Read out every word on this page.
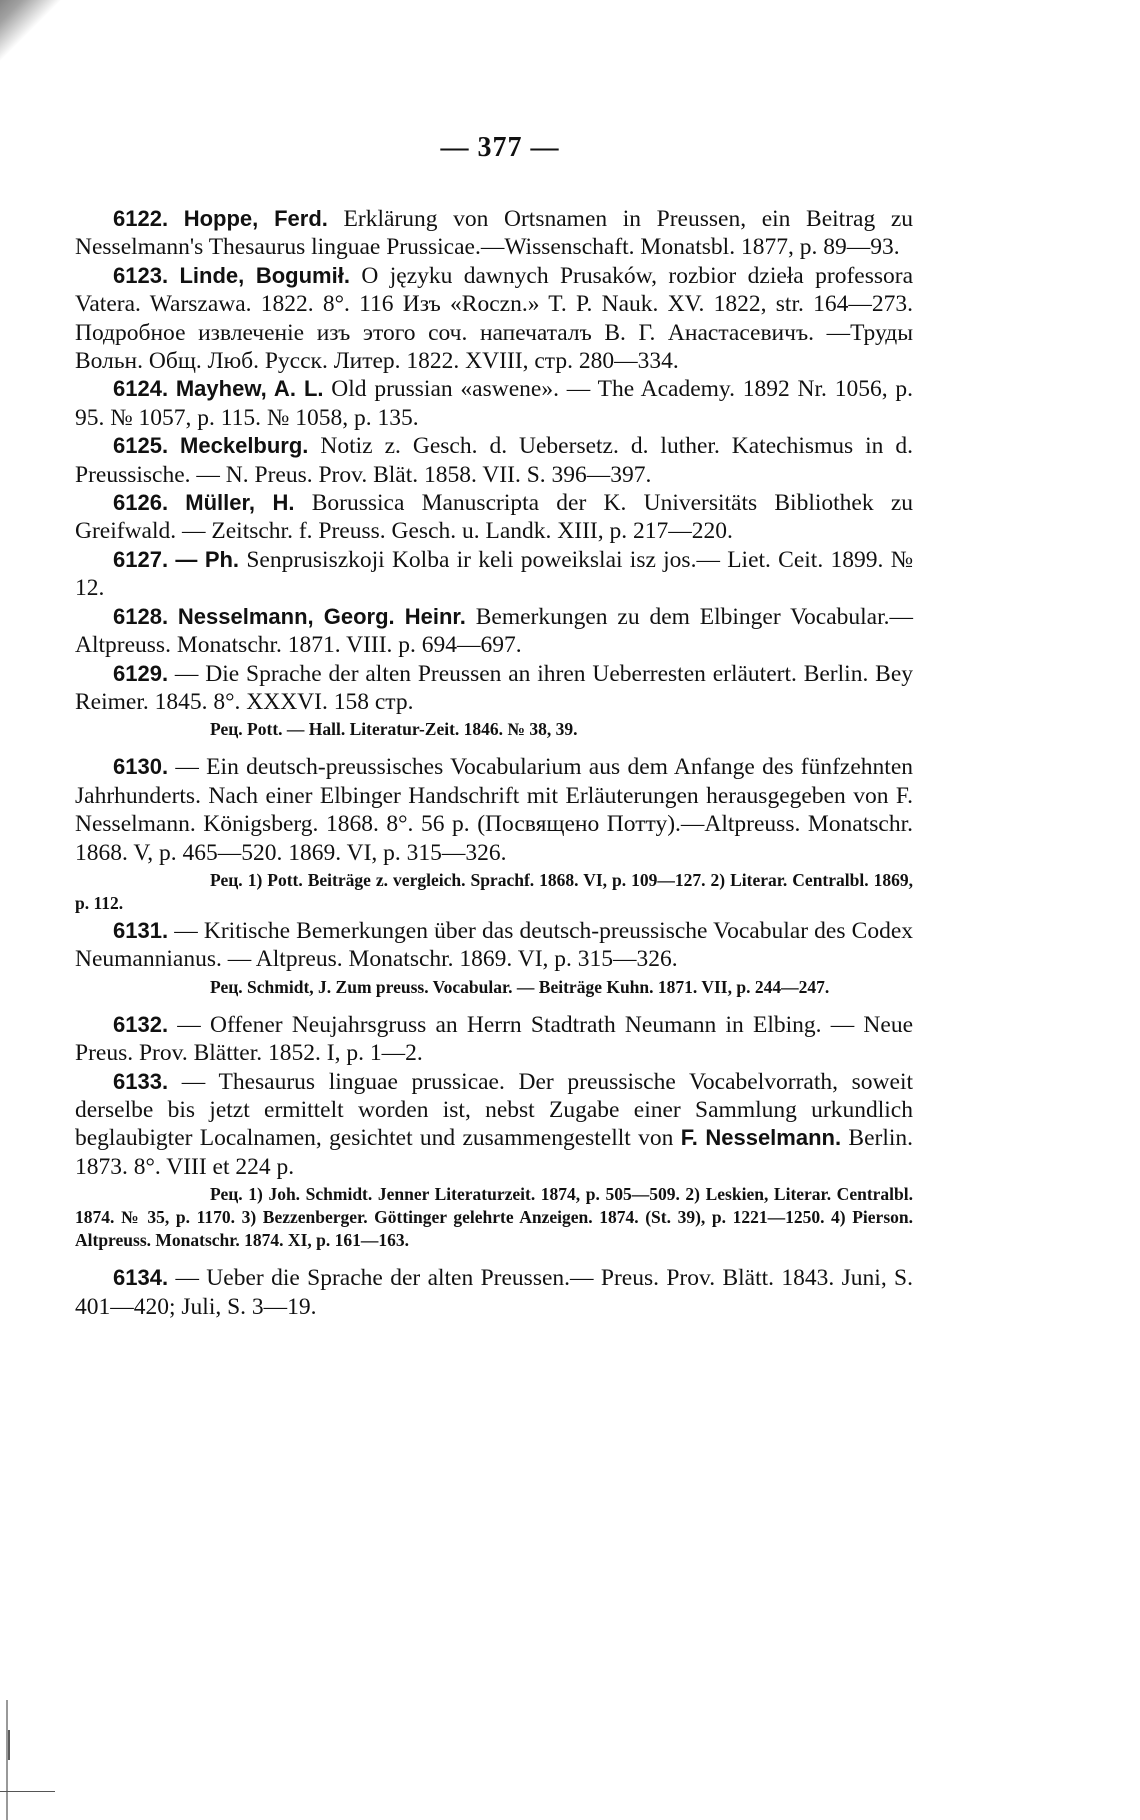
— 377 —

6122. Hoppe, Ferd. Erklärung von Ortsnamen in Preussen, ein Beitrag zu Nesselmann's Thesaurus linguae Prussicae.—Wissenschaft. Monatsbl. 1877, p. 89—93.

6123. Linde, Bogumił. O języku dawnych Prusaków, rozbior dzieła professora Vatera. Warszawa. 1822. 8°. 116 Изъ «Roczn.» T. P. Nauk. XV. 1822, str. 164—273. Подробное извлеченіе изъ этого соч. напечаталъ В. Г. Анастасевичъ. —Труды Вольн. Общ. Люб. Русск. Литер. 1822. XVIII, стр. 280—334.

6124. Mayhew, A. L. Old prussian «aswene». — The Academy. 1892 Nr. 1056, p. 95. № 1057, p. 115. № 1058, p. 135.

6125. Meckelburg. Notiz z. Gesch. d. Uebersetz. d. luther. Katechismus in d. Preussische. — N. Preus. Prov. Blät. 1858. VII. S. 396—397.

6126. Müller, H. Borussica Manuscripta der K. Universitäts Bibliothek zu Greifwald. — Zeitschr. f. Preuss. Gesch. u. Landk. XIII, p. 217—220.

6127. — Ph. Senprusiszkoji Kolba ir keli poweikslai isz jos.— Liet. Ceit. 1899. № 12.

6128. Nesselmann, Georg. Heinr. Bemerkungen zu dem Elbinger Vocabular.—Altpreuss. Monatschr. 1871. VIII. p. 694—697.

6129. — Die Sprache der alten Preussen an ihren Ueberresten erläutert. Berlin. Bey Reimer. 1845. 8°. XXXVI. 158 стр.

Рец. Pott. — Hall. Literatur-Zeit. 1846. № 38, 39.

6130. — Ein deutsch-preussisches Vocabularium aus dem Anfange des fünfzehnten Jahrhunderts. Nach einer Elbinger Handschrift mit Erläuterungen herausgegeben von F. Nesselmann. Königsberg. 1868. 8°. 56 p. (Посвящено Потту).—Altpreuss. Monatschr. 1868. V, p. 465—520. 1869. VI, p. 315—326.

Рец. 1) Pott. Beiträge z. vergleich. Sprachf. 1868. VI, p. 109—127. 2) Literar. Centralbl. 1869, p. 112.

6131. — Kritische Bemerkungen über das deutsch-preussische Vocabular des Codex Neumannianus. — Altpreus. Monatschr. 1869. VI, p. 315—326.

Рец. Schmidt, J. Zum preuss. Vocabular. — Beiträge Kuhn. 1871. VII, p. 244—247.

6132. — Offener Neujahrsgruss an Herrn Stadtrath Neumann in Elbing. — Neue Preus. Prov. Blätter. 1852. I, p. 1—2.

6133. — Thesaurus linguae prussicae. Der preussische Vocabelvorrath, soweit derselbe bis jetzt ermittelt worden ist, nebst Zugabe einer Sammlung urkundlich beglaubigter Localnamen, gesichtet und zusammengestellt von F. Nesselmann. Berlin. 1873. 8°. VIII et 224 p.

Рец. 1) Joh. Schmidt. Jenner Literaturzeit. 1874, p. 505—509. 2) Leskien, Literar. Centralbl. 1874. № 35, p. 1170. 3) Bezzenberger. Göttinger gelehrte Anzeigen. 1874. (St. 39), p. 1221—1250. 4) Pierson. Altpreuss. Monatschr. 1874. XI, p. 161—163.

6134. — Ueber die Sprache der alten Preussen.— Preus. Prov. Blätt. 1843. Juni, S. 401—420; Juli, S. 3—19.
